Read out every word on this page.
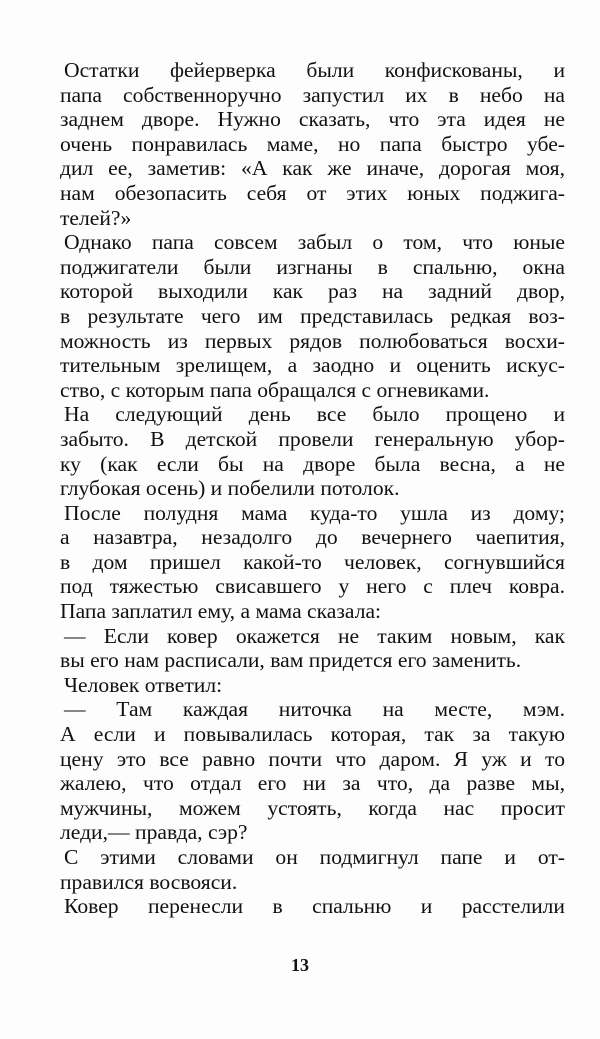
Остатки фейерверка были конфискованы, и
папа собственноручно запустил их в небо на
заднем дворе. Нужно сказать, что эта идея не
очень понравилась маме, но папа быстро убе-
дил ее, заметив: «А как же иначе, дорогая моя,
нам обезопасить себя от этих юных поджига-
телей?»
Однако папа совсем забыл о том, что юные
поджигатели были изгнаны в спальню, окна
которой выходили как раз на задний двор,
в результате чего им представилась редкая воз-
можность из первых рядов полюбоваться восхи-
тительным зрелищем, а заодно и оценить искус-
ство, с которым папа обращался с огневиками.
На следующий день все было прощено и
забыто. В детской провели генеральную убор-
ку (как если бы на дворе была весна, а не
глубокая осень) и побелили потолок.
После полудня мама куда-то ушла из дому;
а назавтра, незадолго до вечернего чаепития,
в дом пришел какой-то человек, согнувшийся
под тяжестью свисавшего у него с плеч ковра.
Папа заплатил ему, а мама сказала:
— Если ковер окажется не таким новым, как
вы его нам расписали, вам придется его заменить.
Человек ответил:
— Там каждая ниточка на месте, мэм.
А если и повывалилась которая, так за такую
цену это все равно почти что даром. Я уж и то
жалею, что отдал его ни за что, да разве мы,
мужчины, можем устоять, когда нас просит
леди,— правда, сэр?
С этими словами он подмигнул папе и от-
правился восвояси.
Ковер перенесли в спальню и расстелили
13
